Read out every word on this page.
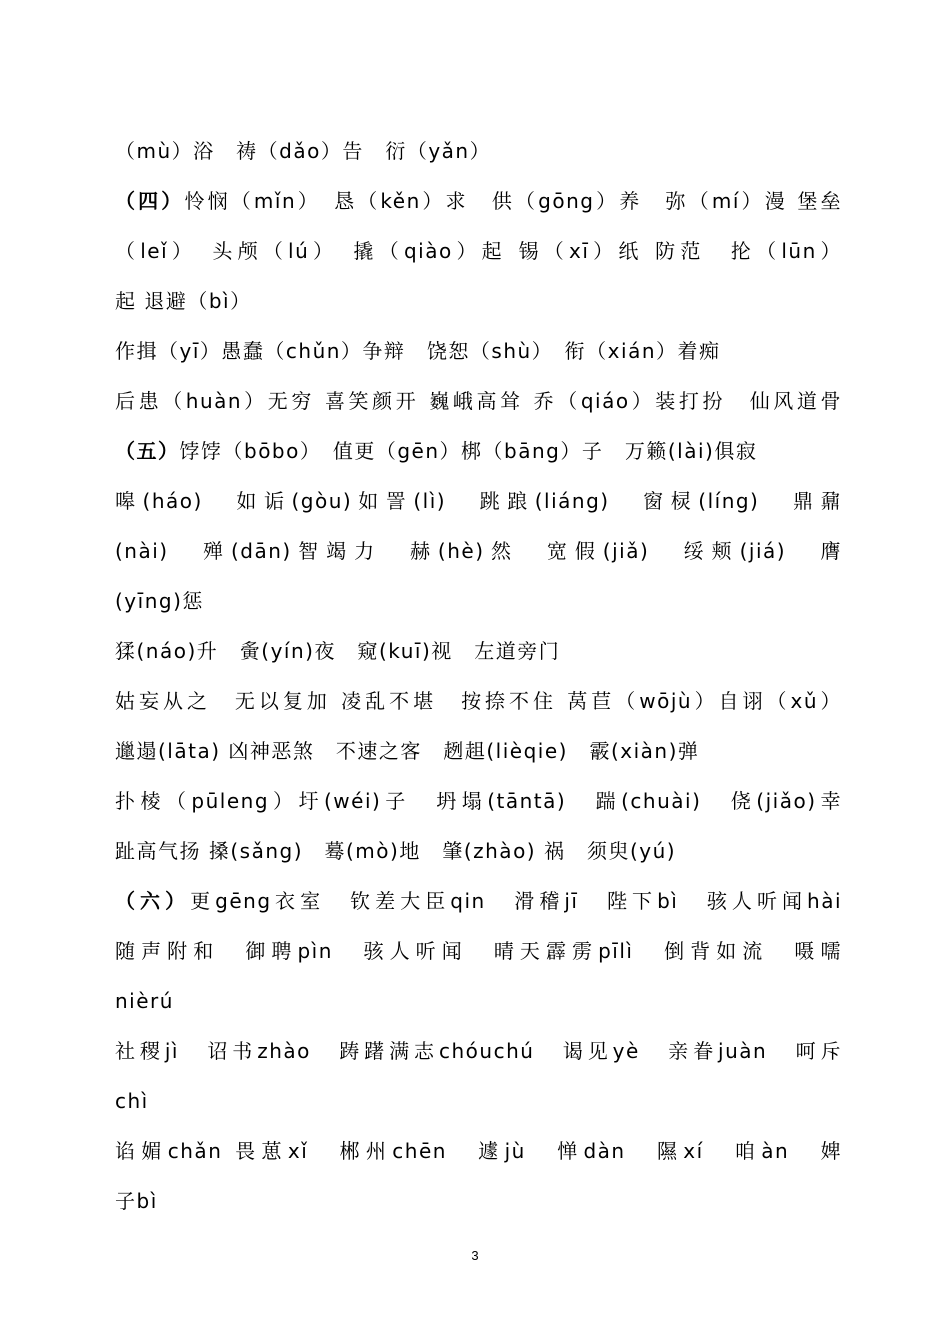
（mù）浴　祷（dǎo）告　衍（yǎn）
（四）怜悯（mǐn）　恳（kěn）求　供（gōng）养　弥（mí）漫 堡垒
（leǐ）　头颅（lú）　撬（qiào）起 锡（xī）纸 防范　抡（lūn）
起 退避（bì）
作揖（yī）愚蠢（chǔn）争辩　饶恕（shù）　衔（xián）着痴
后患（huàn）无穷 喜笑颜开 巍峨高耸 乔（qiáo）装打扮　仙风道骨
（五）饽饽（bōbo）　值更（gēn）梆（bāng）子　万籁(lài)俱寂
嗥(háo)　如诟(gòu)如詈(lì)　跳踉(liáng)　窗棂(líng)　鼎鼐
(nài)　殚(dān)智竭力　赫(hè)然　宽假(jiǎ)　绥颊(jiá)　膺
(yīng)惩
猱(náo)升　夤(yín)夜　窥(kuī)视　左道旁门
姑妄从之　无以复加 凌乱不堪　按捺不住 莴苣（wōjù）自诩（xǔ）
邋遢(lāta) 凶神恶煞　不速之客　趔趄(lièqie)　霰(xiàn)弹
扑棱（pūleng）圩(wéi)子　坍塌(tāntā)　踹(chuài)　侥(jiǎo)幸
趾高气扬 搡(sǎng)　蓦(mò)地　肇(zhào) 祸　须臾(yú)
（六）更gēng衣室　钦差大臣qin　滑稽jī　陛下bì　骇人听闻hài
随声附和　御聘pìn　骇人听闻　晴天霹雳pīlì　倒背如流　嗫嚅
nièrú
社稷jì　诏书zhào　踌躇满志chóuchú　谒见yè　亲眷juàn　呵斥
chì
谄媚chǎn 畏葸xǐ　郴州chēn　遽jù　惮dàn　隰xí　咱àn　婢
子bì
3
